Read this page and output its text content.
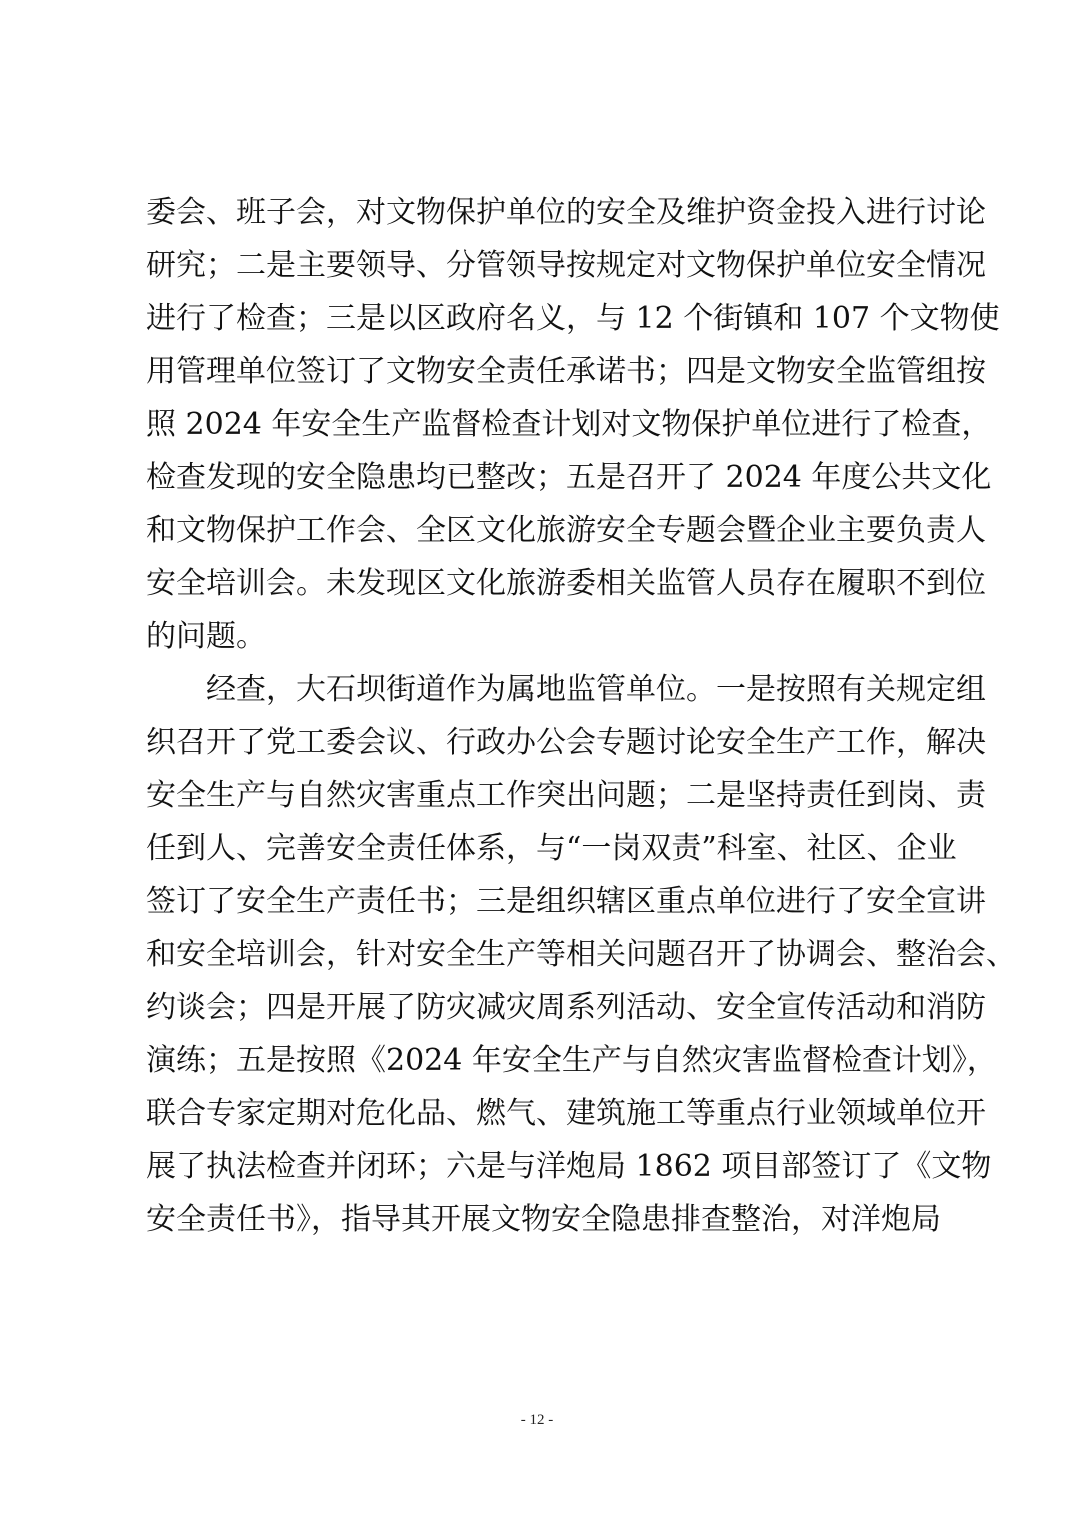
委会、班子会，对文物保护单位的安全及维护资金投入进行讨论
研究；二是主要领导、分管领导按规定对文物保护单位安全情况
进行了检查；三是以区政府名义，与 12 个街镇和 107 个文物使
用管理单位签订了文物安全责任承诺书；四是文物安全监管组按
照 2024 年安全生产监督检查计划对文物保护单位进行了检查，
检查发现的安全隐患均已整改；五是召开了 2024 年度公共文化
和文物保护工作会、全区文化旅游安全专题会暨企业主要负责人
安全培训会。未发现区文化旅游委相关监管人员存在履职不到位
的问题。
经查，大石坝街道作为属地监管单位。一是按照有关规定组
织召开了党工委会议、行政办公会专题讨论安全生产工作，解决
安全生产与自然灾害重点工作突出问题；二是坚持责任到岗、责
任到人、完善安全责任体系，与“一岗双责”科室、社区、企业
签订了安全生产责任书；三是组织辖区重点单位进行了安全宣讲
和安全培训会，针对安全生产等相关问题召开了协调会、整治会、
约谈会；四是开展了防灾减灾周系列活动、安全宣传活动和消防
演练；五是按照《2024 年安全生产与自然灾害监督检查计划》，
联合专家定期对危化品、燃气、建筑施工等重点行业领域单位开
展了执法检查并闭环；六是与洋炮局 1862 项目部签订了《文物
安全责任书》，指导其开展文物安全隐患排查整治，对洋炮局
- 12 -
